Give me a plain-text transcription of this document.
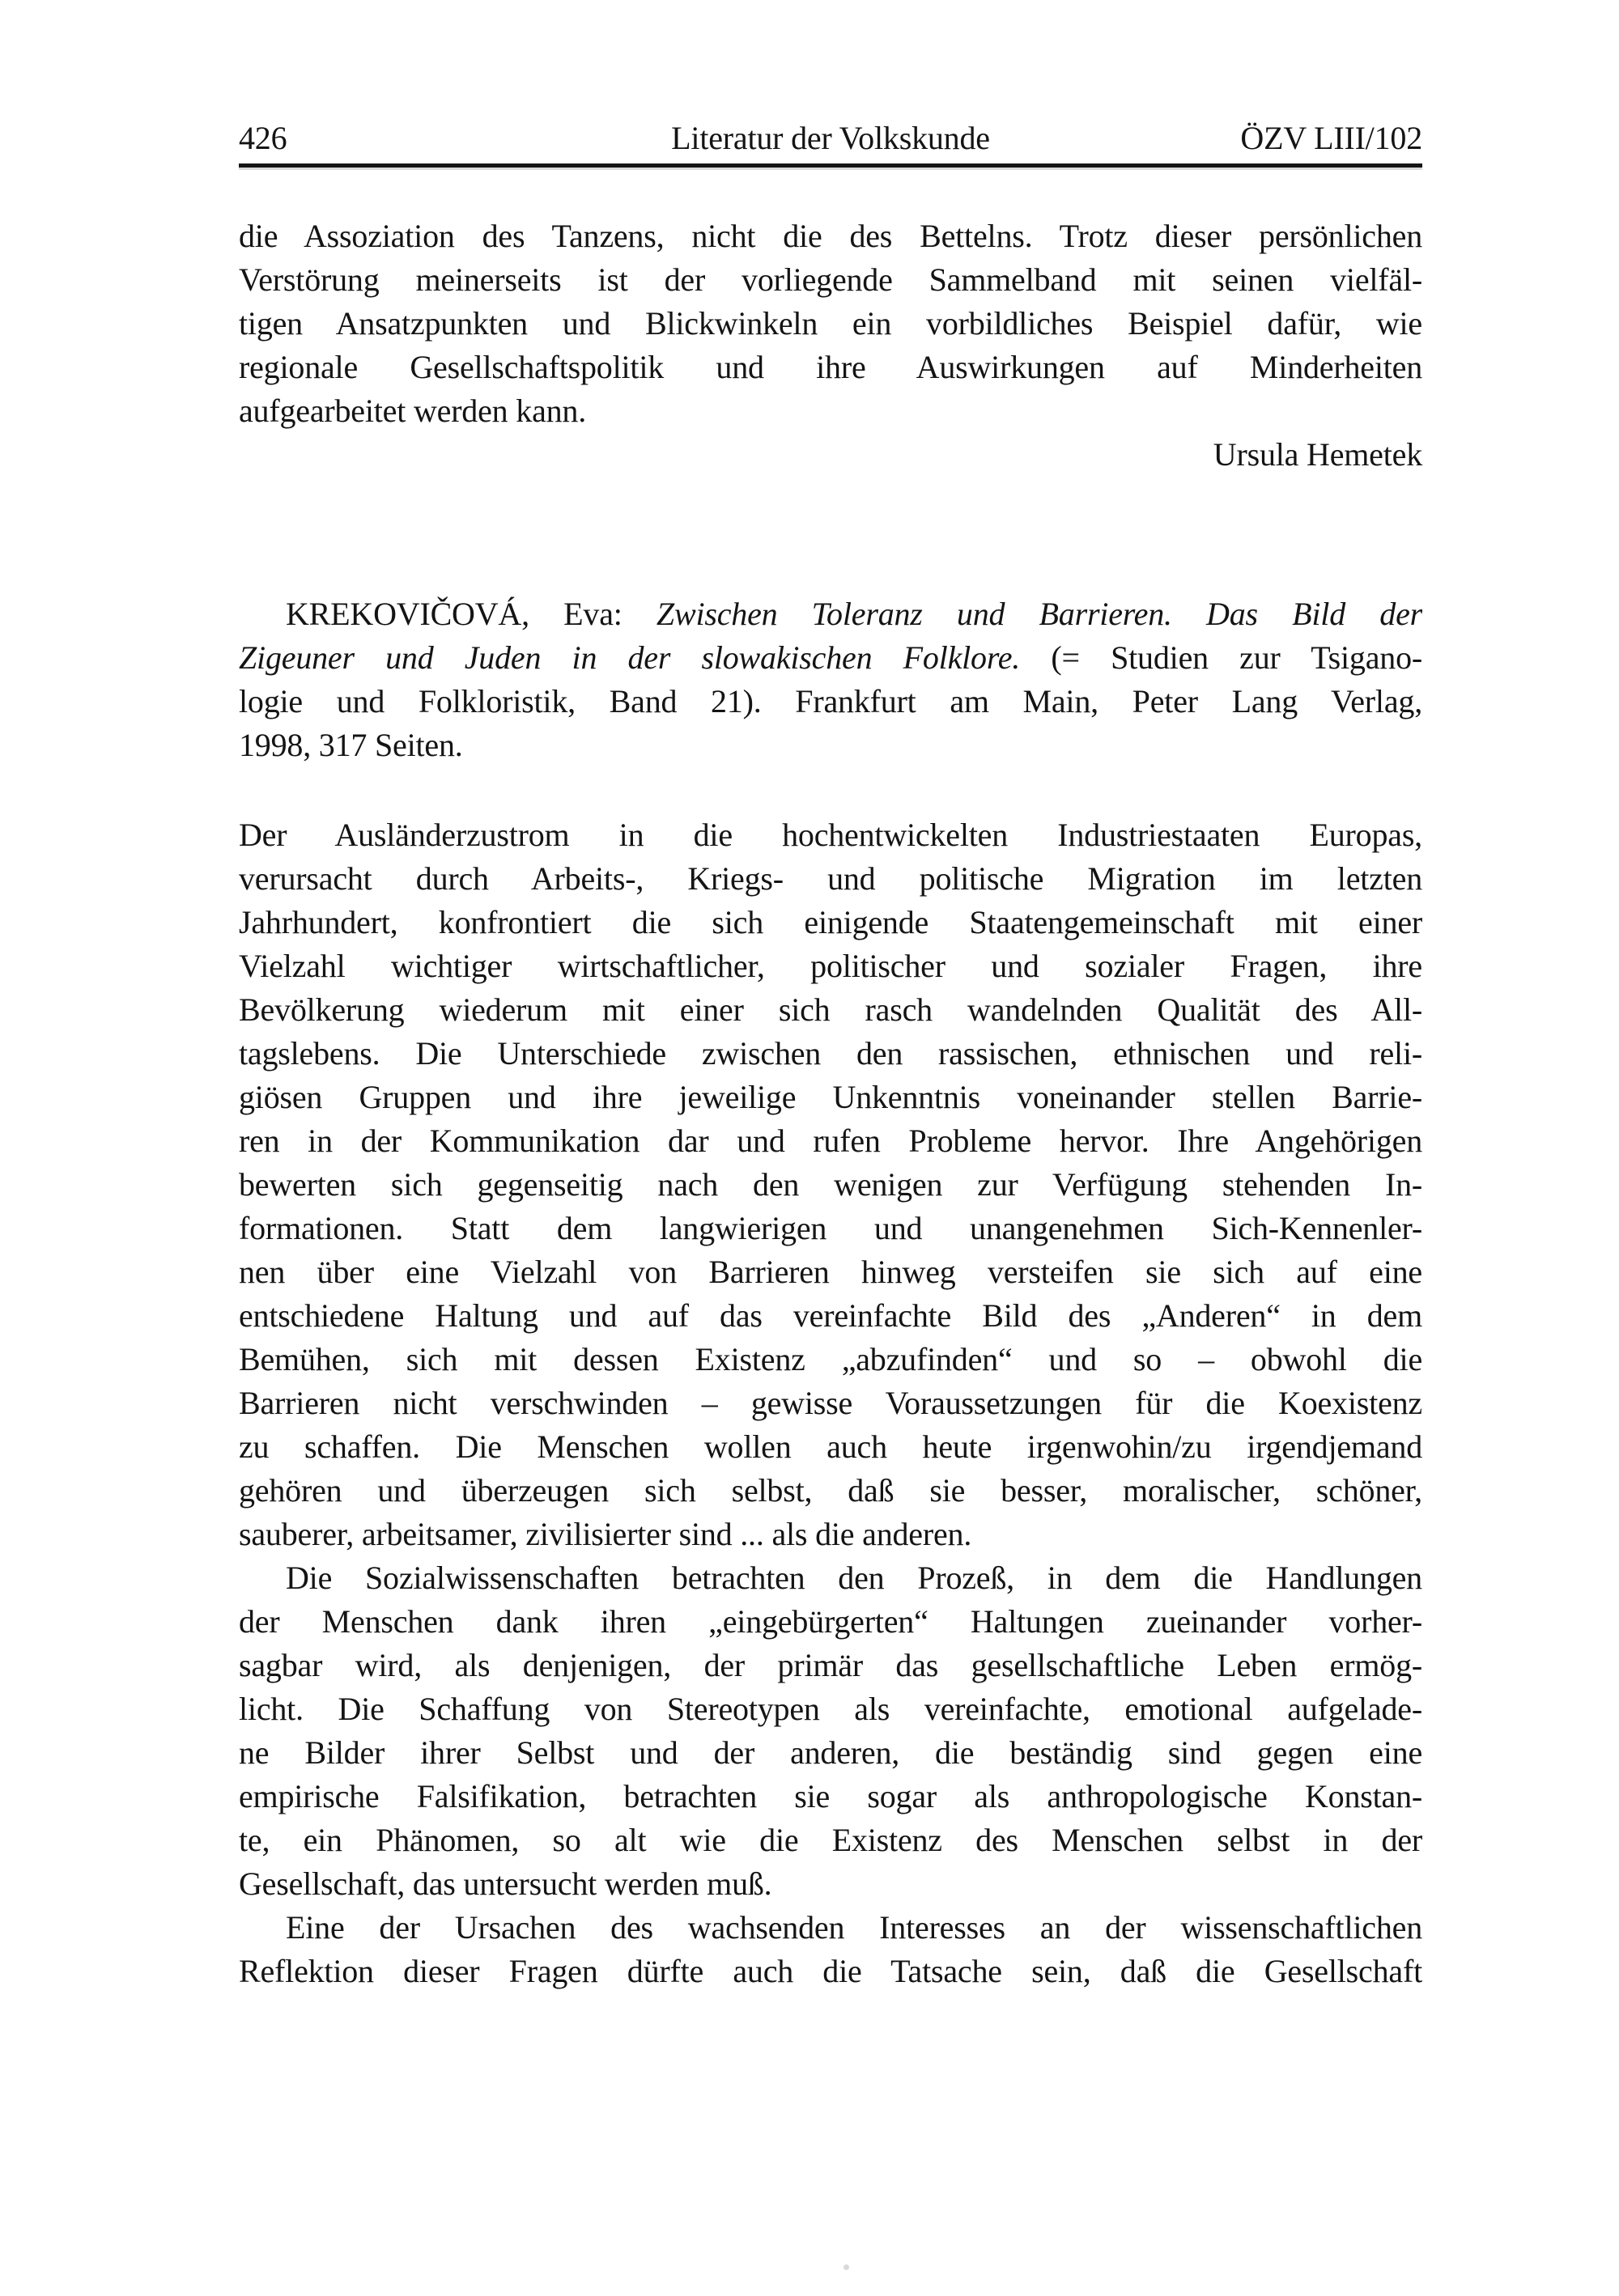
426	Literatur der Volkskunde	ÖZV LIII/102
die Assoziation des Tanzens, nicht die des Bettelns. Trotz dieser persönlichen
Verstörung meinerseits ist der vorliegende Sammelband mit seinen vielfäl-
tigen Ansatzpunkten und Blickwinkeln ein vorbildliches Beispiel dafür, wie
regionale Gesellschaftspolitik und ihre Auswirkungen auf Minderheiten
aufgearbeitet werden kann.
Ursula Hemetek
KREKOVIČOVÁ, Eva: Zwischen Toleranz und Barrieren. Das Bild der
Zigeuner und Juden in der slowakischen Folklore. (= Studien zur Tsigano-
logie und Folkloristik, Band 21). Frankfurt am Main, Peter Lang Verlag,
1998, 317 Seiten.
Der Ausländerzustrom in die hochentwickelten Industriestaaten Europas,
verursacht durch Arbeits-, Kriegs- und politische Migration im letzten
Jahrhundert, konfrontiert die sich einigende Staatengemeinschaft mit einer
Vielzahl wichtiger wirtschaftlicher, politischer und sozialer Fragen, ihre
Bevölkerung wiederum mit einer sich rasch wandelnden Qualität des All-
tagslebens. Die Unterschiede zwischen den rassischen, ethnischen und reli-
giösen Gruppen und ihre jeweilige Unkenntnis voneinander stellen Barrie-
ren in der Kommunikation dar und rufen Probleme hervor. Ihre Angehörigen
bewerten sich gegenseitig nach den wenigen zur Verfügung stehenden In-
formationen. Statt dem langwierigen und unangenehmen Sich-Kennenler-
nen über eine Vielzahl von Barrieren hinweg versteifen sie sich auf eine
entschiedene Haltung und auf das vereinfachte Bild des „Anderen“ in dem
Bemühen, sich mit dessen Existenz „abzufinden“ und so – obwohl die
Barrieren nicht verschwinden – gewisse Voraussetzungen für die Koexistenz
zu schaffen. Die Menschen wollen auch heute irgenwohin/zu irgendjemand
gehören und überzeugen sich selbst, daß sie besser, moralischer, schöner,
sauberer, arbeitsamer, zivilisierter sind ... als die anderen.
Die Sozialwissenschaften betrachten den Prozeß, in dem die Handlungen
der Menschen dank ihren „eingebürgerten“ Haltungen zueinander vorher-
sagbar wird, als denjenigen, der primär das gesellschaftliche Leben ermög-
licht. Die Schaffung von Stereotypen als vereinfachte, emotional aufgelade-
ne Bilder ihrer Selbst und der anderen, die beständig sind gegen eine
empirische Falsifikation, betrachten sie sogar als anthropologische Konstan-
te, ein Phänomen, so alt wie die Existenz des Menschen selbst in der
Gesellschaft, das untersucht werden muß.
Eine der Ursachen des wachsenden Interesses an der wissenschaftlichen
Reflektion dieser Fragen dürfte auch die Tatsache sein, daß die Gesellschaft
